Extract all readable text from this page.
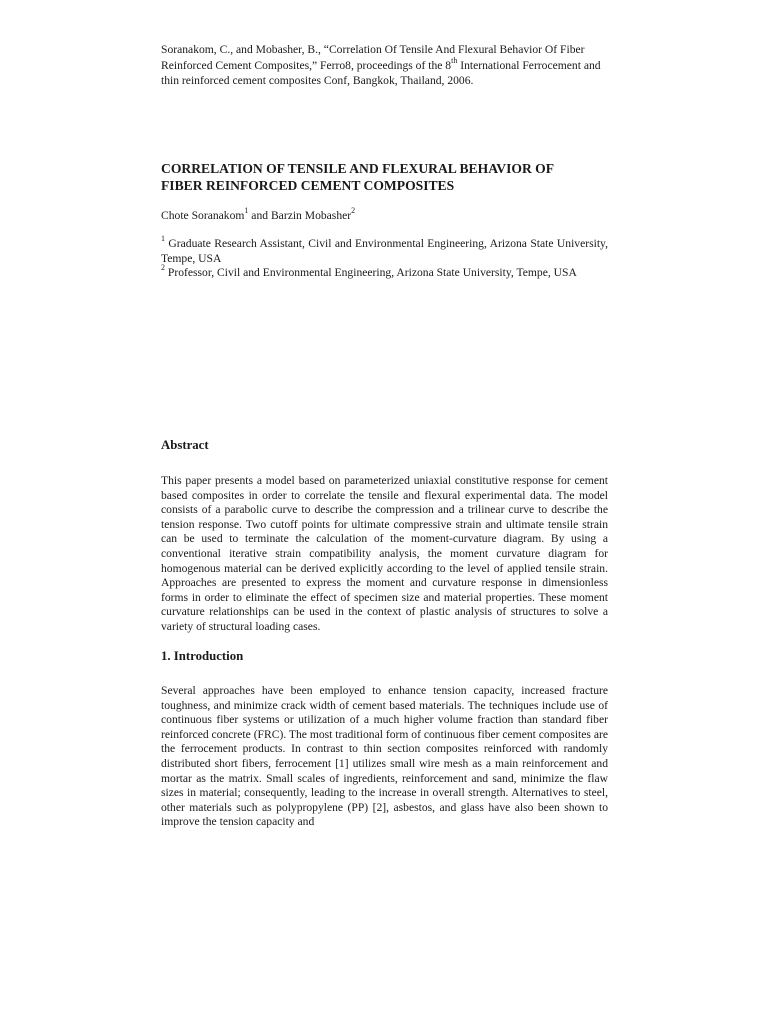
Soranakom, C., and Mobasher, B., “Correlation Of Tensile And Flexural Behavior Of Fiber Reinforced Cement Composites,” Ferro8, proceedings of the 8th International Ferrocement and thin reinforced cement composites Conf, Bangkok, Thailand, 2006.
CORRELATION OF TENSILE AND FLEXURAL BEHAVIOR OF
FIBER REINFORCED CEMENT COMPOSITES
Chote Soranakom$^1$ and Barzin Mobasher$^2$
$^1$ Graduate Research Assistant, Civil and Environmental Engineering, Arizona State University, Tempe, USA
$^2$ Professor, Civil and Environmental Engineering, Arizona State University, Tempe, USA
Abstract

This paper presents a model based on parameterized uniaxial constitutive response for cement based composites in order to correlate the tensile and flexural experimental data. The model consists of a parabolic curve to describe the compression and a trilinear curve to describe the tension response. Two cutoff points for ultimate compressive strain and ultimate tensile strain can be used to terminate the calculation of the moment-curvature diagram. By using a conventional iterative strain compatibility analysis, the moment curvature diagram for homogenous material can be derived explicitly according to the level of applied tensile strain. Approaches are presented to express the moment and curvature response in dimensionless forms in order to eliminate the effect of specimen size and material properties. These moment curvature relationships can be used in the context of plastic analysis of structures to solve a variety of structural loading cases.

1. Introduction

Several approaches have been employed to enhance tension capacity, increased fracture toughness, and minimize crack width of cement based materials. The techniques include use of continuous fiber systems or utilization of a much higher volume fraction than standard fiber reinforced concrete (FRC). The most traditional form of continuous fiber cement composites are the ferrocement products. In contrast to thin section composites reinforced with randomly distributed short fibers, ferrocement [1] utilizes small wire mesh as a main reinforcement and mortar as the matrix. Small scales of ingredients, reinforcement and sand, minimize the flaw sizes in material; consequently, leading to the increase in overall strength. Alternatives to steel, other materials such as polypropylene (PP) [2], asbestos, and glass have also been shown to improve the tension capacity and
